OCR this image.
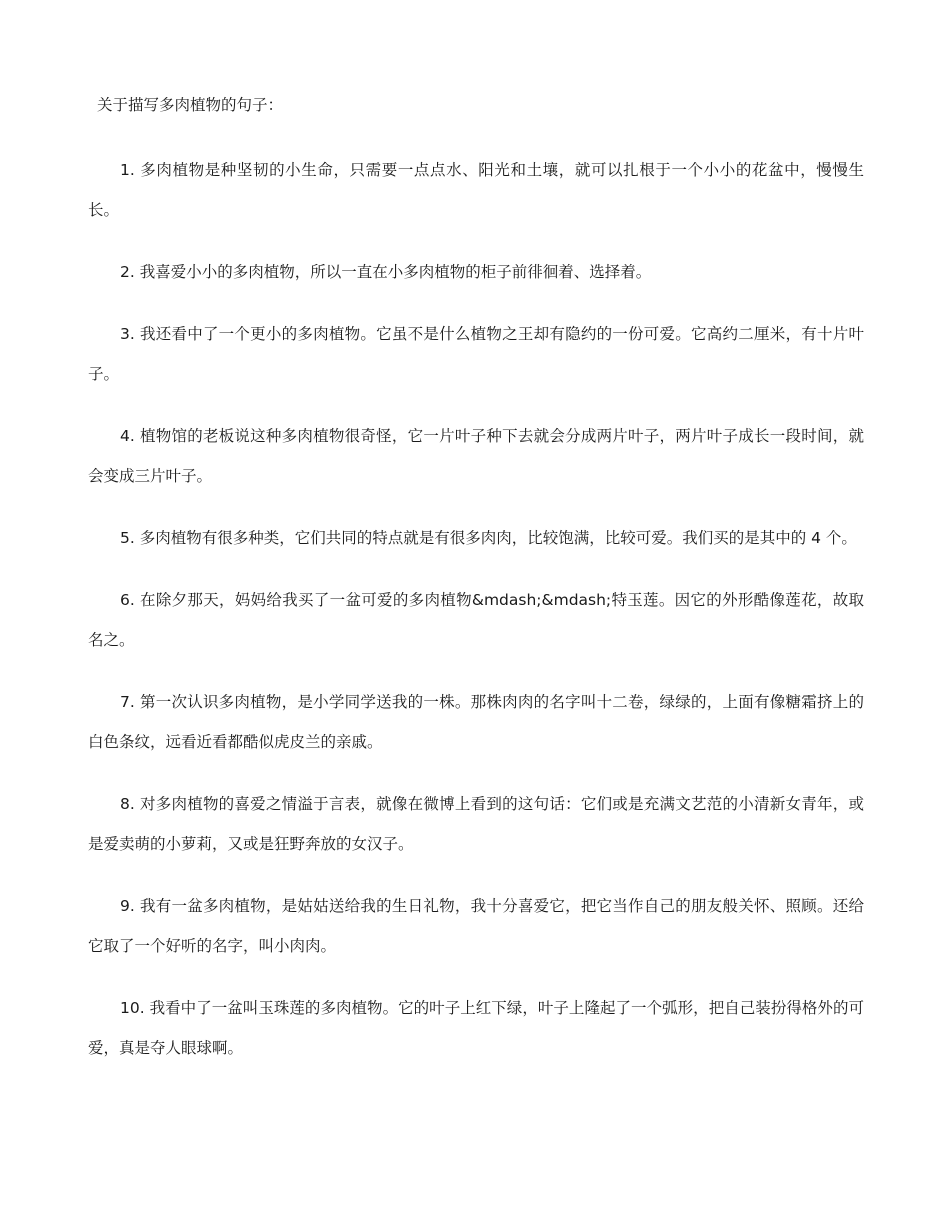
关于描写多肉植物的句子：

1. 多肉植物是种坚韧的小生命，只需要一点点水、阳光和土壤，就可以扎根于一个小小的花盆中，慢慢生长。

2. 我喜爱小小的多肉植物，所以一直在小多肉植物的柜子前徘徊着、选择着。

3. 我还看中了一个更小的多肉植物。它虽不是什么植物之王却有隐约的一份可爱。它高约二厘米，有十片叶子。

4. 植物馆的老板说这种多肉植物很奇怪，它一片叶子种下去就会分成两片叶子，两片叶子成长一段时间，就会变成三片叶子。

5. 多肉植物有很多种类，它们共同的特点就是有很多肉肉，比较饱满，比较可爱。我们买的是其中的 4 个。

6. 在除夕那天，妈妈给我买了一盆可爱的多肉植物&mdash;&mdash;特玉莲。因它的外形酷像莲花，故取名之。

7. 第一次认识多肉植物，是小学同学送我的一株。那株肉肉的名字叫十二卷，绿绿的，上面有像糖霜挤上的白色条纹，远看近看都酷似虎皮兰的亲戚。

8. 对多肉植物的喜爱之情溢于言表，就像在微博上看到的这句话：它们或是充满文艺范的小清新女青年，或是爱卖萌的小萝莉，又或是狂野奔放的女汉子。

9. 我有一盆多肉植物，是姑姑送给我的生日礼物，我十分喜爱它，把它当作自己的朋友般关怀、照顾。还给它取了一个好听的名字，叫小肉肉。

10. 我看中了一盆叫玉珠莲的多肉植物。它的叶子上红下绿，叶子上隆起了一个弧形，把自己装扮得格外的可爱，真是夺人眼球啊。
